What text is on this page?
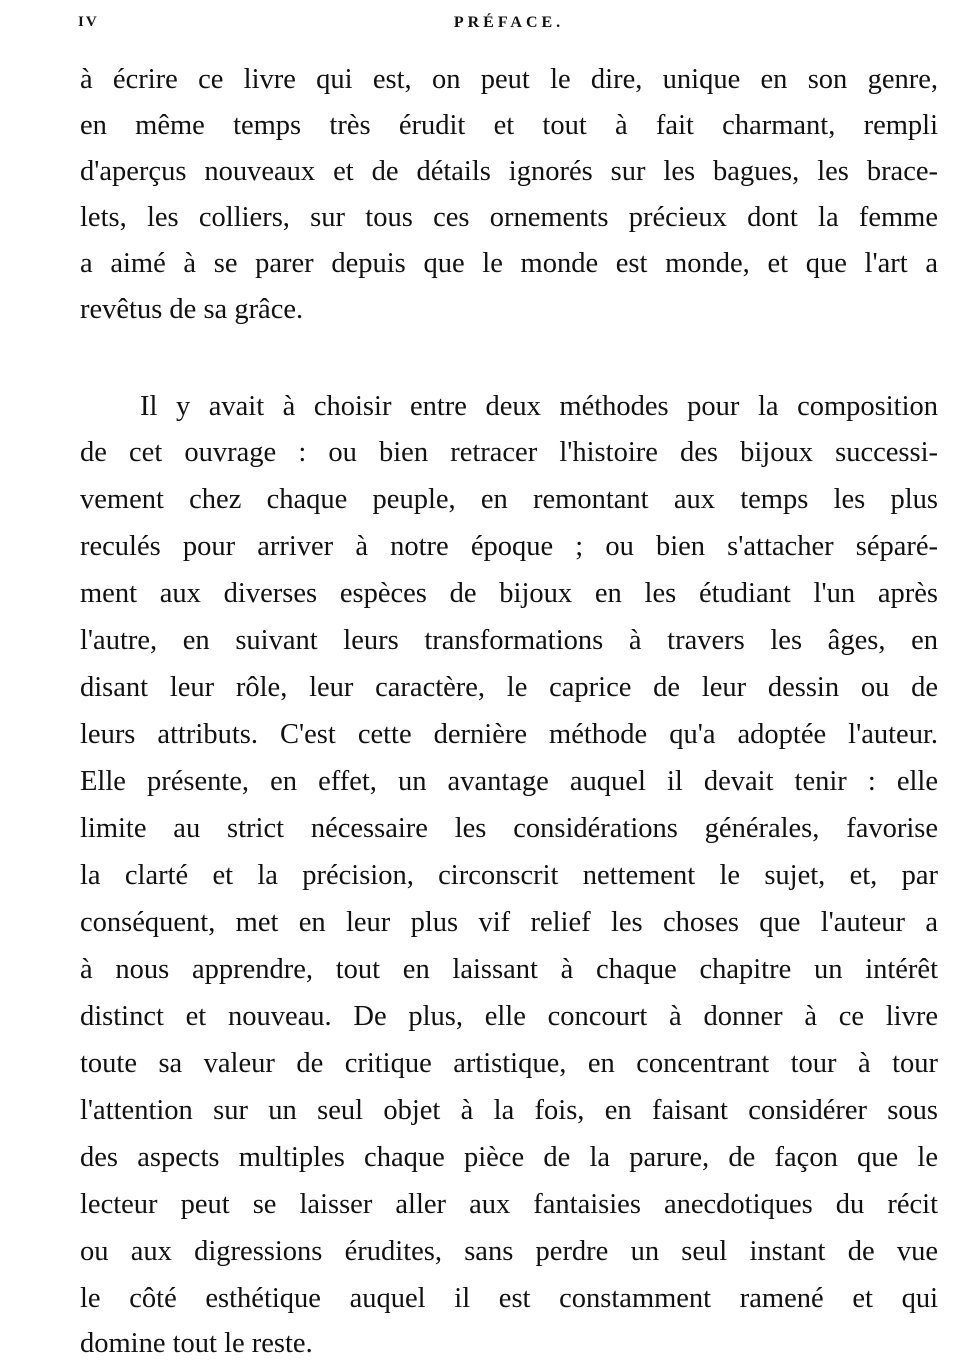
IV	PRÉFACE.
à écrire ce livre qui est, on peut le dire, unique en son genre,
en même temps très érudit et tout à fait charmant, rempli
d'aperçus nouveaux et de détails ignorés sur les bagues, les brace-
lets, les colliers, sur tous ces ornements précieux dont la femme
a aimé à se parer depuis que le monde est monde, et que l'art a
revêtus de sa grâce.
Il y avait à choisir entre deux méthodes pour la composition
de cet ouvrage : ou bien retracer l'histoire des bijoux successi-
vement chez chaque peuple, en remontant aux temps les plus
reculés pour arriver à notre époque ; ou bien s'attacher séparé-
ment aux diverses espèces de bijoux en les étudiant l'un après
l'autre, en suivant leurs transformations à travers les âges, en
disant leur rôle, leur caractère, le caprice de leur dessin ou de
leurs attributs. C'est cette dernière méthode qu'a adoptée l'auteur.
Elle présente, en effet, un avantage auquel il devait tenir : elle
limite au strict nécessaire les considérations générales, favorise
la clarté et la précision, circonscrit nettement le sujet, et, par
conséquent, met en leur plus vif relief les choses que l'auteur a
à nous apprendre, tout en laissant à chaque chapitre un intérêt
distinct et nouveau. De plus, elle concourt à donner à ce livre
toute sa valeur de critique artistique, en concentrant tour à tour
l'attention sur un seul objet à la fois, en faisant considérer sous
des aspects multiples chaque pièce de la parure, de façon que le
lecteur peut se laisser aller aux fantaisies anecdotiques du récit
ou aux digressions érudites, sans perdre un seul instant de vue
le côté esthétique auquel il est constamment ramené et qui
domine tout le reste.
